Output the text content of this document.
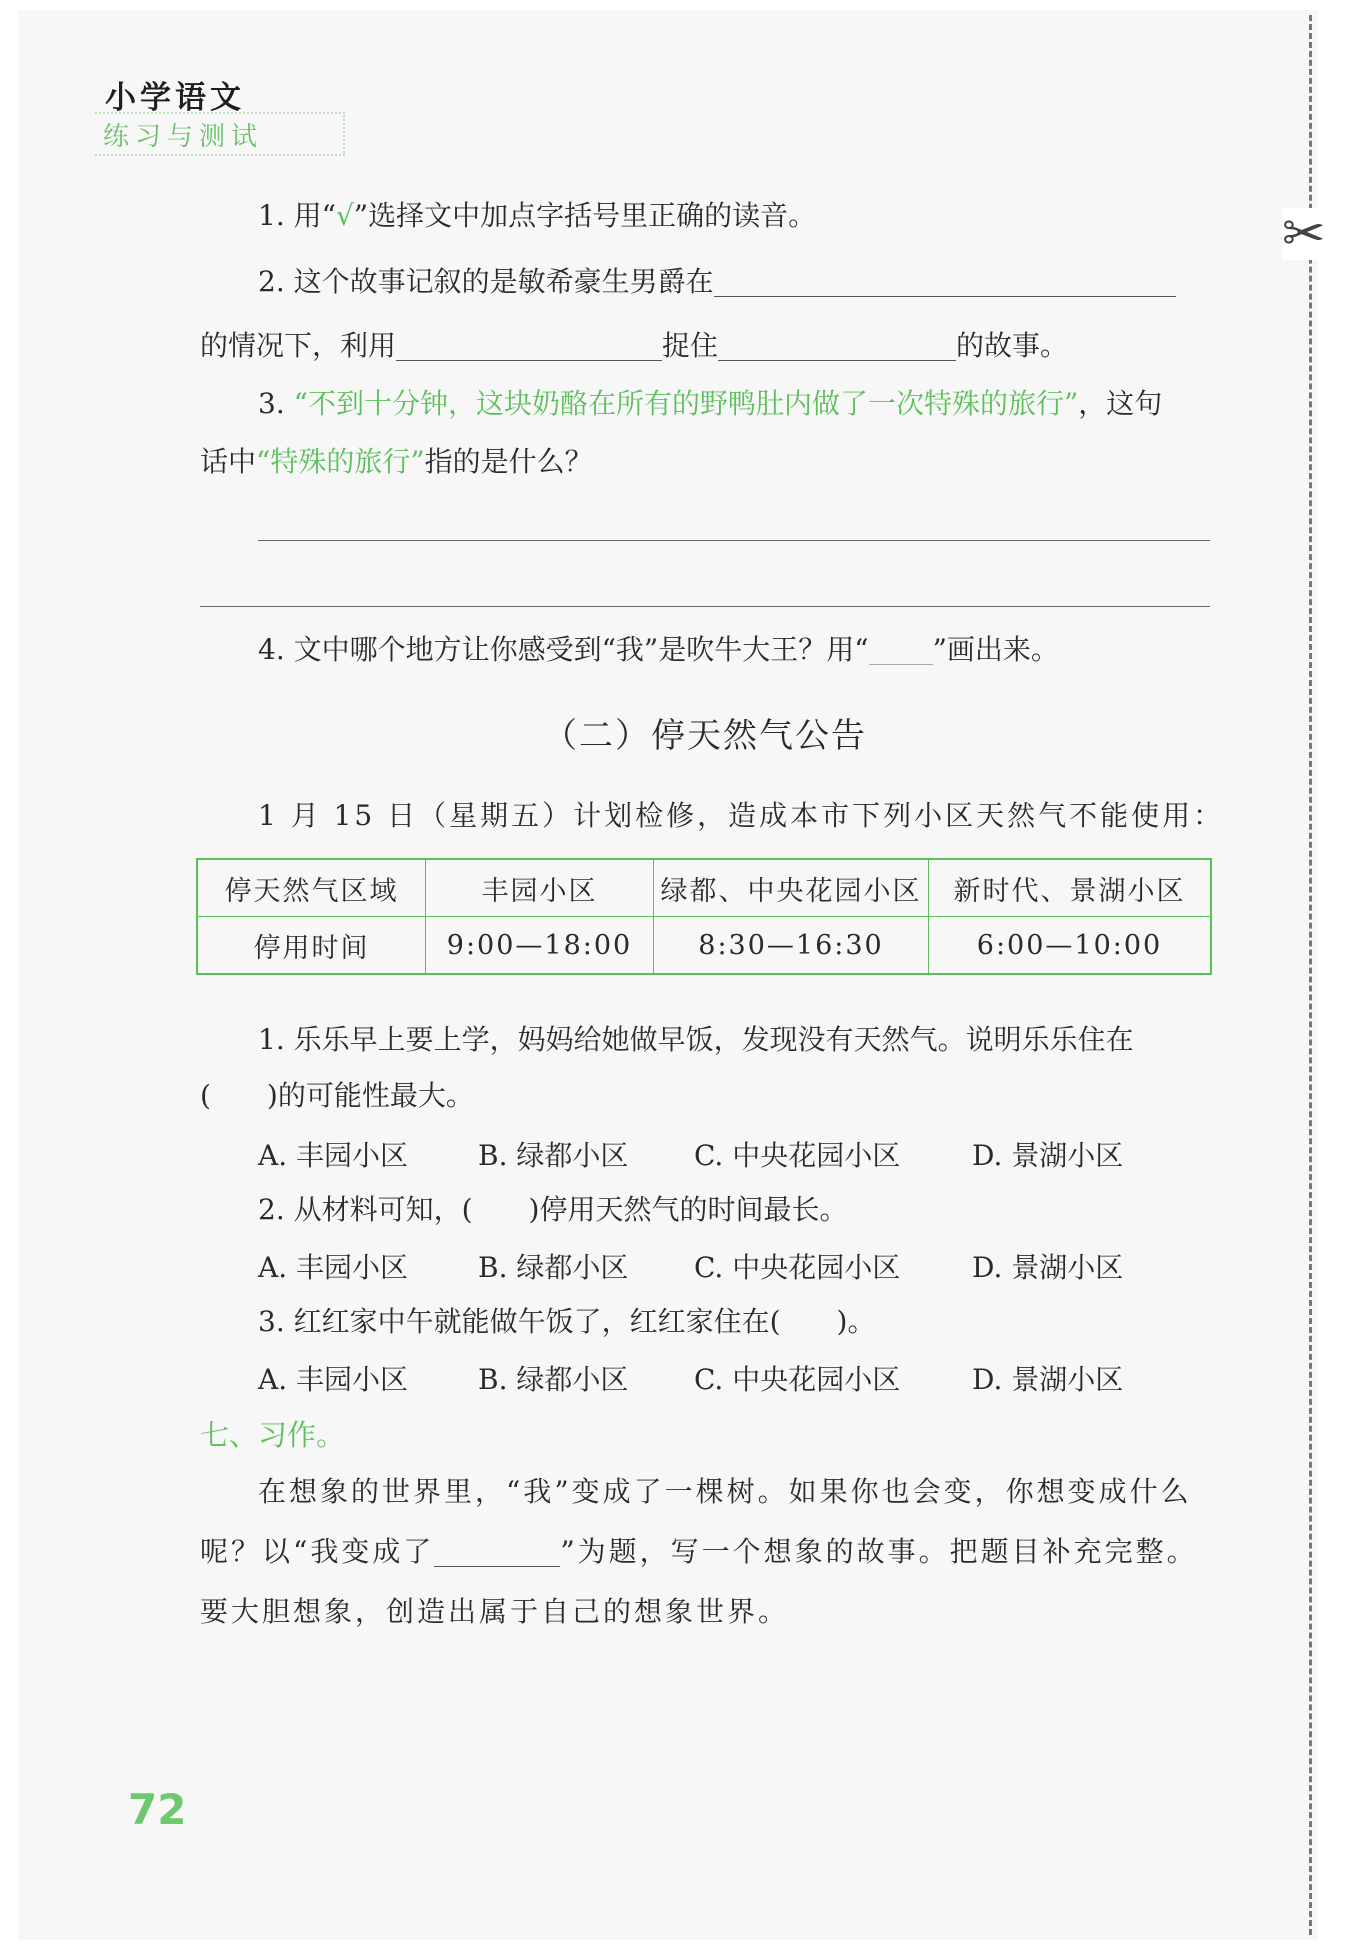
小学语文
练习与测试
✂
1. 用“√”选择文中加点字括号里正确的读音。
2. 这个故事记叙的是敏希豪生男爵在
的情况下，利用	捉住	的故事。
3. “不到十分钟，这块奶酪在所有的野鸭肚内做了一次特殊的旅行”，这句
话中“特殊的旅行”指的是什么？
4. 文中哪个地方让你感受到“我”是吹牛大王？用“ ”画出来。
（二）停天然气公告
1 月 15 日（星期五）计划检修，造成本市下列小区天然气不能使用：
停天然气区域	丰园小区	绿都、中央花园小区	新时代、景湖小区
停用时间	9:00—18:00	8:30—16:30	6:00—10:00
1. 乐乐早上要上学，妈妈给她做早饭，发现没有天然气。说明乐乐住在
(　　)的可能性最大。
A. 丰园小区 B. 绿都小区 C. 中央花园小区	D. 景湖小区
2. 从材料可知，(　　)停用天然气的时间最长。
A. 丰园小区 B. 绿都小区 C. 中央花园小区	D. 景湖小区
3. 红红家中午就能做午饭了，红红家住在(　　)。
A. 丰园小区 B. 绿都小区 C. 中央花园小区	D. 景湖小区
七、习作。
在想象的世界里，“我”变成了一棵树。如果你也会变，你想变成什么
呢？以“我变成了	”为题，写一个想象的故事。把题目补充完整。
要大胆想象，创造出属于自己的想象世界。
72
